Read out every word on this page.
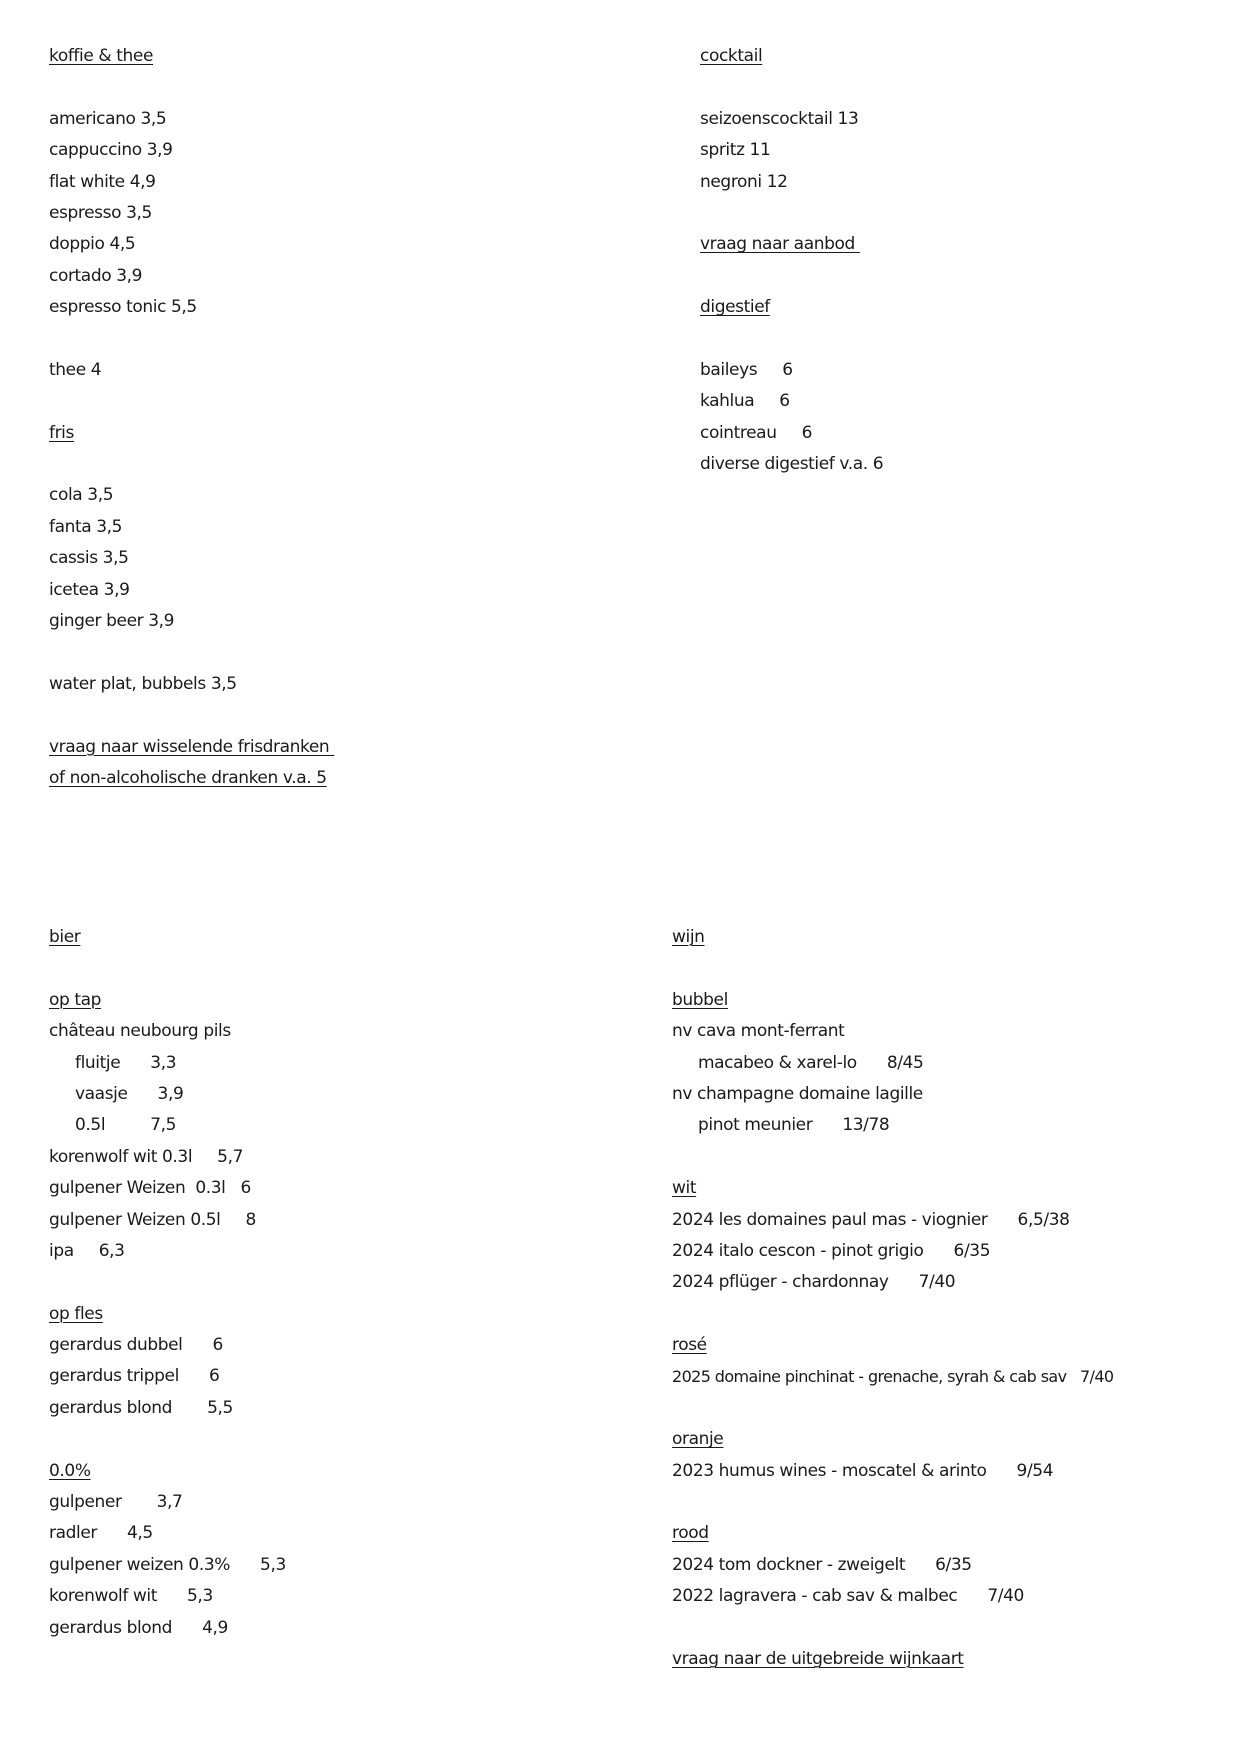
koffie & thee
americano 3,5
cappuccino 3,9
flat white 4,9
espresso 3,5
doppio 4,5
cortado 3,9
espresso tonic 5,5
thee 4
fris
cola 3,5
fanta 3,5
cassis 3,5
icetea 3,9
ginger beer 3,9
water plat, bubbels 3,5
vraag naar wisselende frisdranken
of non-alcoholische dranken v.a. 5
cocktail
seizoenscocktail 13
spritz 11
negroni 12
vraag naar aanbod
digestief
baileys     6
kahlua     6
cointreau     6
diverse digestief v.a. 6
bier
op tap
château neubourg pils
fluitje      3,3
vaasje      3,9
0.5l         7,5
korenwolf wit 0.3l     5,7
gulpener Weizen  0.3l   6
gulpener Weizen 0.5l     8
ipa     6,3
op fles
gerardus dubbel      6
gerardus trippel      6
gerardus blond       5,5
0.0%
gulpener       3,7
radler      4,5
gulpener weizen 0.3%      5,3
korenwolf wit      5,3
gerardus blond      4,9
wijn
bubbel
nv cava mont-ferrant
macabeo & xarel-lo      8/45
nv champagne domaine lagille
pinot meunier      13/78
wit
2024 les domaines paul mas - viognier      6,5/38
2024 italo cescon - pinot grigio      6/35
2024 pflüger - chardonnay      7/40
rosé
2025 domaine pinchinat - grenache, syrah & cab sav   7/40
oranje
2023 humus wines - moscatel & arinto      9/54
rood
2024 tom dockner - zweigelt      6/35
2022 lagravera - cab sav & malbec      7/40
vraag naar de uitgebreide wijnkaart
